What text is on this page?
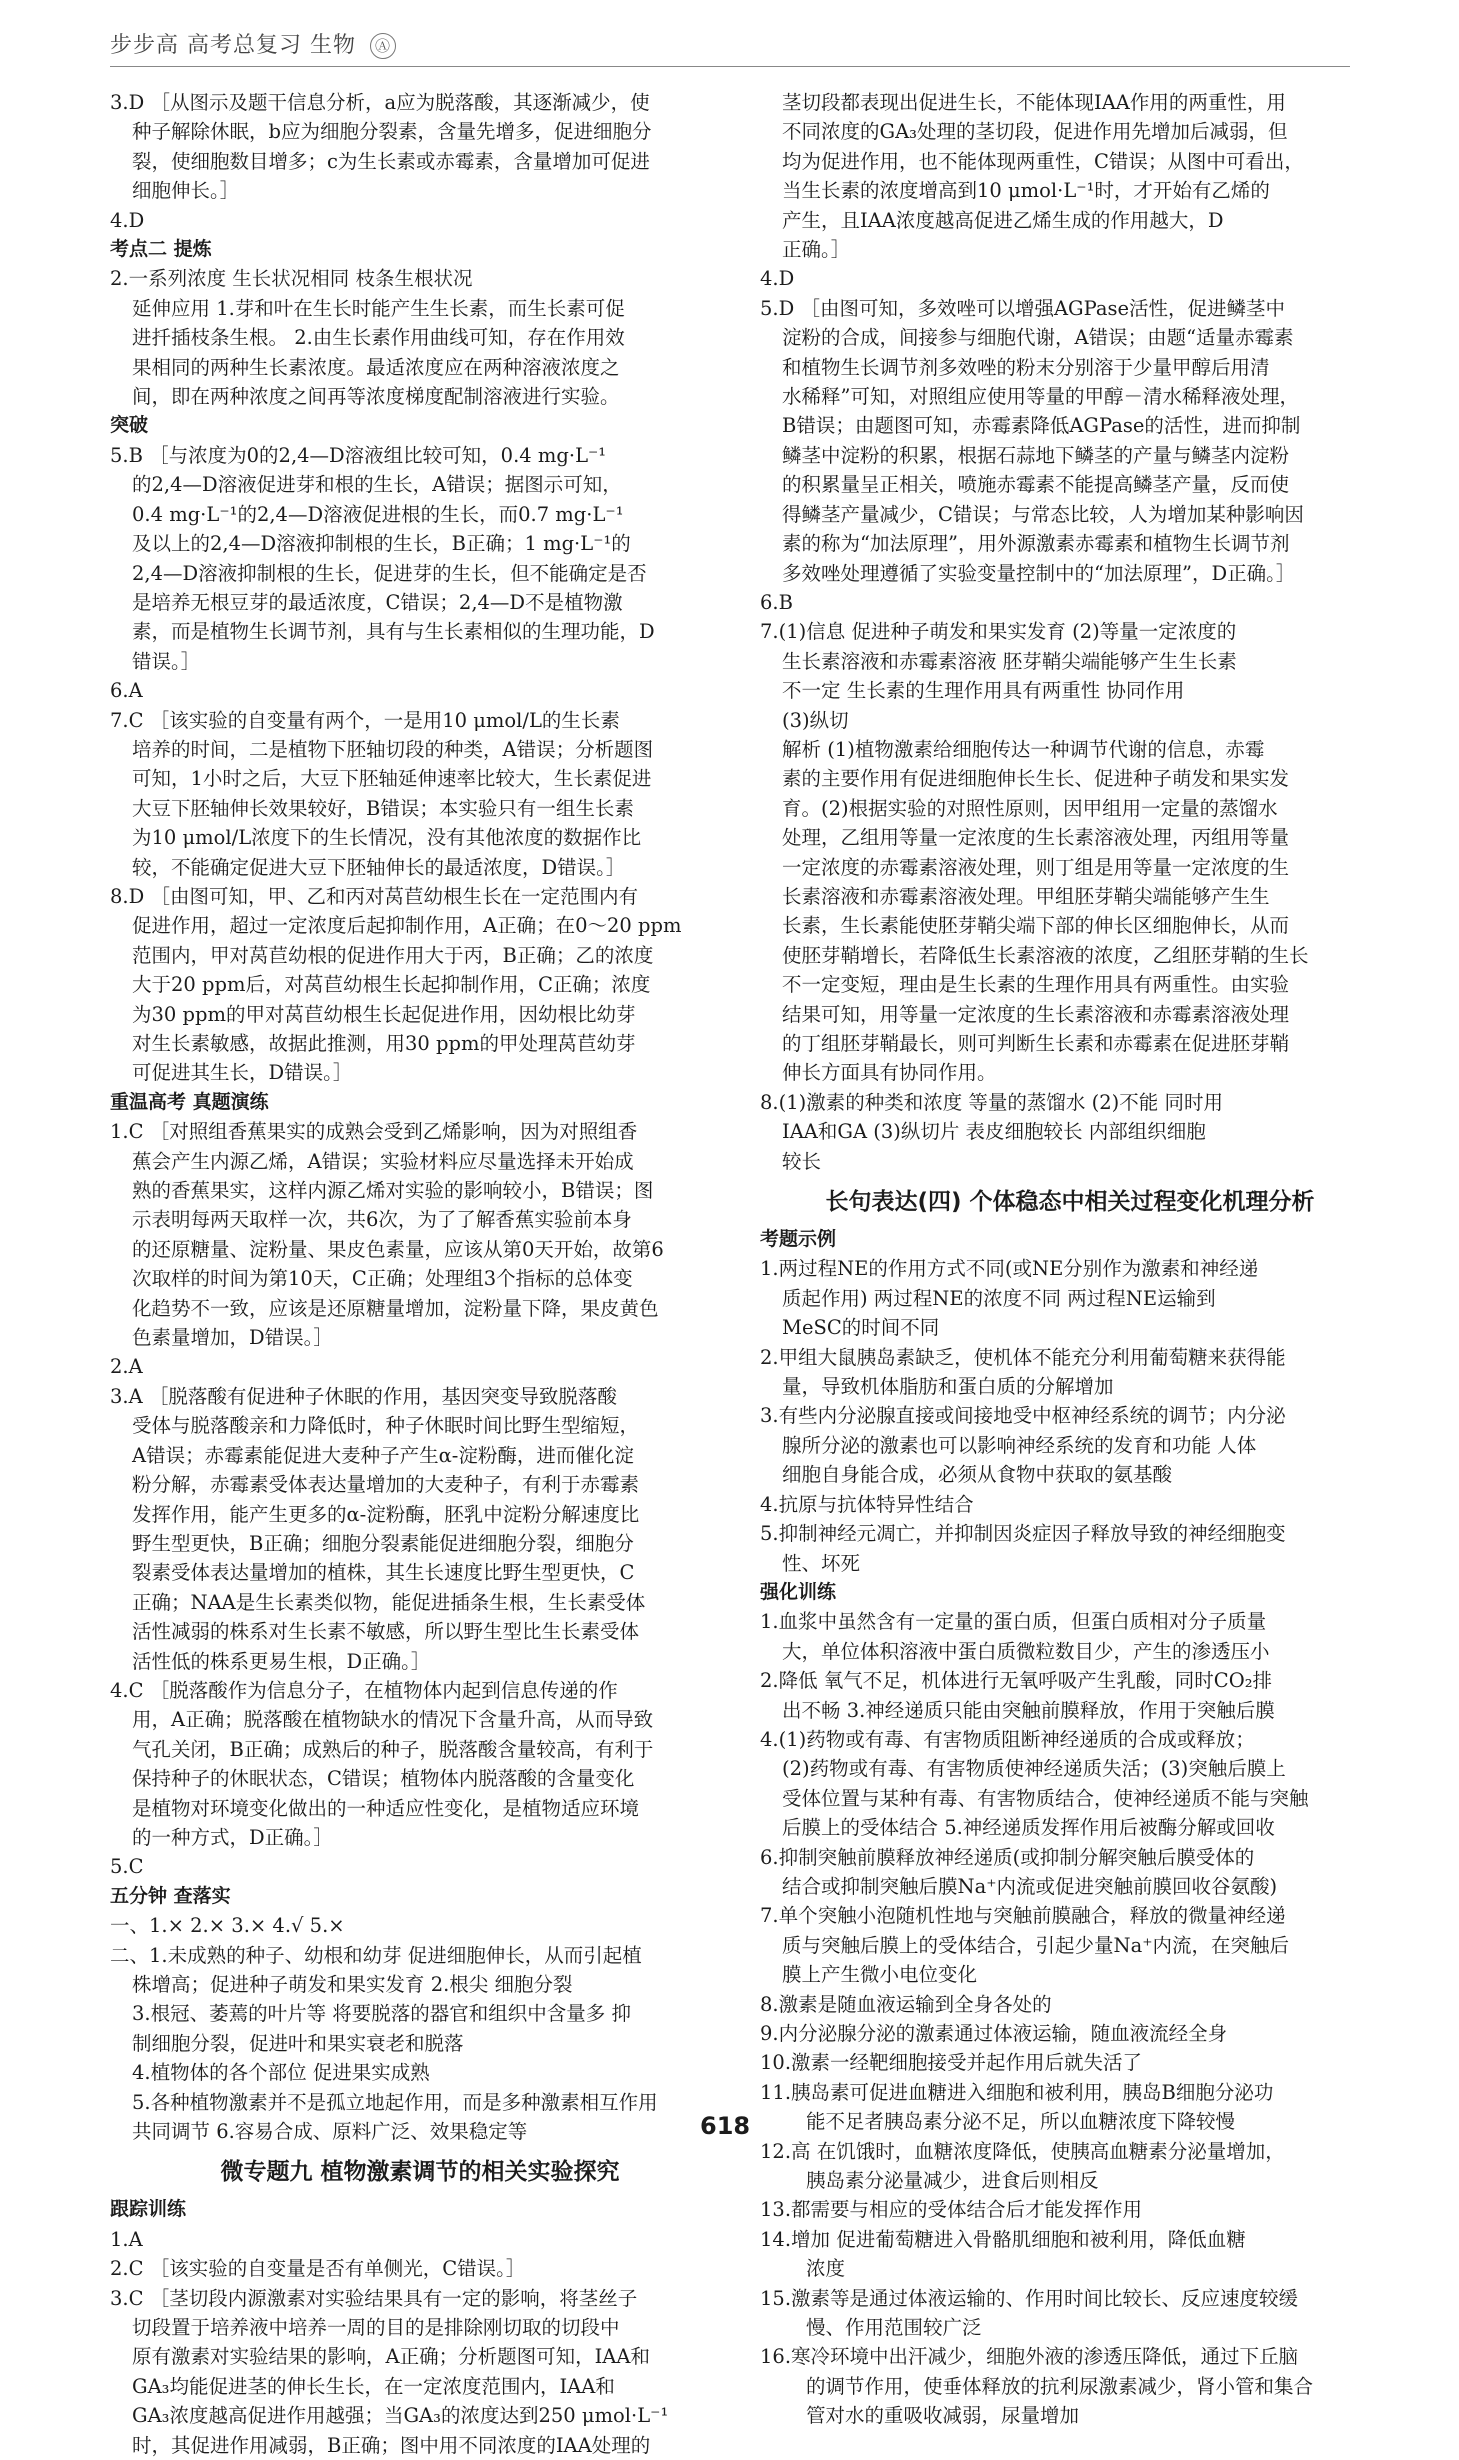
步步高 高考总复习 生物 Ⓐ
3.D ［从图示及题干信息分析，a应为脱落酸，其逐渐减少，使
种子解除休眠，b应为细胞分裂素，含量先增多，促进细胞分
裂，使细胞数目增多；c为生长素或赤霉素，含量增加可促进
细胞伸长。］
4.D
考点二 提炼
2.一系列浓度 生长状况相同 枝条生根状况
延伸应用 1.芽和叶在生长时能产生生长素，而生长素可促
进扦插枝条生根。 2.由生长素作用曲线可知，存在作用效
果相同的两种生长素浓度。最适浓度应在两种溶液浓度之
间，即在两种浓度之间再等浓度梯度配制溶液进行实验。
突破
5.B ［与浓度为0的2,4—D溶液组比较可知，0.4 mg·L⁻¹
的2,4—D溶液促进芽和根的生长，A错误；据图示可知，
0.4 mg·L⁻¹的2,4—D溶液促进根的生长，而0.7 mg·L⁻¹
及以上的2,4—D溶液抑制根的生长，B正确；1 mg·L⁻¹的
2,4—D溶液抑制根的生长，促进芽的生长，但不能确定是否
是培养无根豆芽的最适浓度，C错误；2,4—D不是植物激
素，而是植物生长调节剂，具有与生长素相似的生理功能，D
错误。］
6.A
7.C ［该实验的自变量有两个，一是用10 μmol/L的生长素
培养的时间，二是植物下胚轴切段的种类，A错误；分析题图
可知，1小时之后，大豆下胚轴延伸速率比较大，生长素促进
大豆下胚轴伸长效果较好，B错误；本实验只有一组生长素
为10 μmol/L浓度下的生长情况，没有其他浓度的数据作比
较，不能确定促进大豆下胚轴伸长的最适浓度，D错误。］
8.D ［由图可知，甲、乙和丙对莴苣幼根生长在一定范围内有
促进作用，超过一定浓度后起抑制作用，A正确；在0～20 ppm
范围内，甲对莴苣幼根的促进作用大于丙，B正确；乙的浓度
大于20 ppm后，对莴苣幼根生长起抑制作用，C正确；浓度
为30 ppm的甲对莴苣幼根生长起促进作用，因幼根比幼芽
对生长素敏感，故据此推测，用30 ppm的甲处理莴苣幼芽
可促进其生长，D错误。］
重温高考 真题演练
1.C ［对照组香蕉果实的成熟会受到乙烯影响，因为对照组香
蕉会产生内源乙烯，A错误；实验材料应尽量选择未开始成
熟的香蕉果实，这样内源乙烯对实验的影响较小，B错误；图
示表明每两天取样一次，共6次，为了了解香蕉实验前本身
的还原糖量、淀粉量、果皮色素量，应该从第0天开始，故第6
次取样的时间为第10天，C正确；处理组3个指标的总体变
化趋势不一致，应该是还原糖量增加，淀粉量下降，果皮黄色
色素量增加，D错误。］
2.A
3.A ［脱落酸有促进种子休眠的作用，基因突变导致脱落酸
受体与脱落酸亲和力降低时，种子休眠时间比野生型缩短，
A错误；赤霉素能促进大麦种子产生α-淀粉酶，进而催化淀
粉分解，赤霉素受体表达量增加的大麦种子，有利于赤霉素
发挥作用，能产生更多的α-淀粉酶，胚乳中淀粉分解速度比
野生型更快，B正确；细胞分裂素能促进细胞分裂，细胞分
裂素受体表达量增加的植株，其生长速度比野生型更快，C
正确；NAA是生长素类似物，能促进插条生根，生长素受体
活性减弱的株系对生长素不敏感，所以野生型比生长素受体
活性低的株系更易生根，D正确。］
4.C ［脱落酸作为信息分子，在植物体内起到信息传递的作
用，A正确；脱落酸在植物缺水的情况下含量升高，从而导致
气孔关闭，B正确；成熟后的种子，脱落酸含量较高，有利于
保持种子的休眠状态，C错误；植物体内脱落酸的含量变化
是植物对环境变化做出的一种适应性变化，是植物适应环境
的一种方式，D正确。］
5.C
五分钟 查落实
一、1.× 2.× 3.× 4.√ 5.×
二、1.未成熟的种子、幼根和幼芽 促进细胞伸长，从而引起植
株增高；促进种子萌发和果实发育 2.根尖 细胞分裂
3.根冠、萎蔫的叶片等 将要脱落的器官和组织中含量多 抑
制细胞分裂，促进叶和果实衰老和脱落
4.植物体的各个部位 促进果实成熟
5.各种植物激素并不是孤立地起作用，而是多种激素相互作用
共同调节 6.容易合成、原料广泛、效果稳定等
微专题九 植物激素调节的相关实验探究
跟踪训练
1.A
2.C ［该实验的自变量是否有单侧光，C错误。］
3.C ［茎切段内源激素对实验结果具有一定的影响，将茎丝子
切段置于培养液中培养一周的目的是排除刚切取的切段中
原有激素对实验结果的影响，A正确；分析题图可知，IAA和
GA₃均能促进茎的伸长生长，在一定浓度范围内，IAA和
GA₃浓度越高促进作用越强；当GA₃的浓度达到250 μmol·L⁻¹
时，其促进作用减弱，B正确；图中用不同浓度的IAA处理的
茎切段都表现出促进生长，不能体现IAA作用的两重性，用
不同浓度的GA₃处理的茎切段，促进作用先增加后减弱，但
均为促进作用，也不能体现两重性，C错误；从图中可看出，
当生长素的浓度增高到10 μmol·L⁻¹时，才开始有乙烯的
产生，且IAA浓度越高促进乙烯生成的作用越大，D
正确。］
4.D
5.D ［由图可知，多效唑可以增强AGPase活性，促进鳞茎中
淀粉的合成，间接参与细胞代谢，A错误；由题“适量赤霉素
和植物生长调节剂多效唑的粉末分别溶于少量甲醇后用清
水稀释”可知，对照组应使用等量的甲醇－清水稀释液处理，
B错误；由题图可知，赤霉素降低AGPase的活性，进而抑制
鳞茎中淀粉的积累，根据石蒜地下鳞茎的产量与鳞茎内淀粉
的积累量呈正相关，喷施赤霉素不能提高鳞茎产量，反而使
得鳞茎产量减少，C错误；与常态比较，人为增加某种影响因
素的称为“加法原理”，用外源激素赤霉素和植物生长调节剂
多效唑处理遵循了实验变量控制中的“加法原理”，D正确。］
6.B
7.(1)信息 促进种子萌发和果实发育 (2)等量一定浓度的
生长素溶液和赤霉素溶液 胚芽鞘尖端能够产生生长素
不一定 生长素的生理作用具有两重性 协同作用
(3)纵切
解析 (1)植物激素给细胞传达一种调节代谢的信息，赤霉
素的主要作用有促进细胞伸长生长、促进种子萌发和果实发
育。(2)根据实验的对照性原则，因甲组用一定量的蒸馏水
处理，乙组用等量一定浓度的生长素溶液处理，丙组用等量
一定浓度的赤霉素溶液处理，则丁组是用等量一定浓度的生
长素溶液和赤霉素溶液处理。甲组胚芽鞘尖端能够产生生
长素，生长素能使胚芽鞘尖端下部的伸长区细胞伸长，从而
使胚芽鞘增长，若降低生长素溶液的浓度，乙组胚芽鞘的生长
不一定变短，理由是生长素的生理作用具有两重性。由实验
结果可知，用等量一定浓度的生长素溶液和赤霉素溶液处理
的丁组胚芽鞘最长，则可判断生长素和赤霉素在促进胚芽鞘
伸长方面具有协同作用。
8.(1)激素的种类和浓度 等量的蒸馏水 (2)不能 同时用
IAA和GA (3)纵切片 表皮细胞较长 内部组织细胞
较长
长句表达(四) 个体稳态中相关过程变化机理分析
考题示例
1.两过程NE的作用方式不同(或NE分别作为激素和神经递
质起作用) 两过程NE的浓度不同 两过程NE运输到
MeSC的时间不同
2.甲组大鼠胰岛素缺乏，使机体不能充分利用葡萄糖来获得能
量，导致机体脂肪和蛋白质的分解增加
3.有些内分泌腺直接或间接地受中枢神经系统的调节；内分泌
腺所分泌的激素也可以影响神经系统的发育和功能 人体
细胞自身能合成，必须从食物中获取的氨基酸
4.抗原与抗体特异性结合
5.抑制神经元凋亡，并抑制因炎症因子释放导致的神经细胞变
性、坏死
强化训练
1.血浆中虽然含有一定量的蛋白质，但蛋白质相对分子质量
大，单位体积溶液中蛋白质微粒数目少，产生的渗透压小
2.降低 氧气不足，机体进行无氧呼吸产生乳酸，同时CO₂排
出不畅 3.神经递质只能由突触前膜释放，作用于突触后膜
4.(1)药物或有毒、有害物质阻断神经递质的合成或释放；
(2)药物或有毒、有害物质使神经递质失活；(3)突触后膜上
受体位置与某种有毒、有害物质结合，使神经递质不能与突触
后膜上的受体结合 5.神经递质发挥作用后被酶分解或回收
6.抑制突触前膜释放神经递质(或抑制分解突触后膜受体的
结合或抑制突触后膜Na⁺内流或促进突触前膜回收谷氨酸)
7.单个突触小泡随机性地与突触前膜融合，释放的微量神经递
质与突触后膜上的受体结合，引起少量Na⁺内流，在突触后
膜上产生微小电位变化
8.激素是随血液运输到全身各处的
9.内分泌腺分泌的激素通过体液运输，随血液流经全身
10.激素一经靶细胞接受并起作用后就失活了
11.胰岛素可促进血糖进入细胞和被利用，胰岛B细胞分泌功
能不足者胰岛素分泌不足，所以血糖浓度下降较慢
12.高 在饥饿时，血糖浓度降低，使胰高血糖素分泌量增加，
胰岛素分泌量减少，进食后则相反
13.都需要与相应的受体结合后才能发挥作用
14.增加 促进葡萄糖进入骨骼肌细胞和被利用，降低血糖
浓度
15.激素等是通过体液运输的、作用时间比较长、反应速度较缓
慢、作用范围较广泛
16.寒冷环境中出汗减少，细胞外液的渗透压降低，通过下丘脑
的调节作用，使垂体释放的抗利尿激素减少，肾小管和集合
管对水的重吸收减弱，尿量增加
618
